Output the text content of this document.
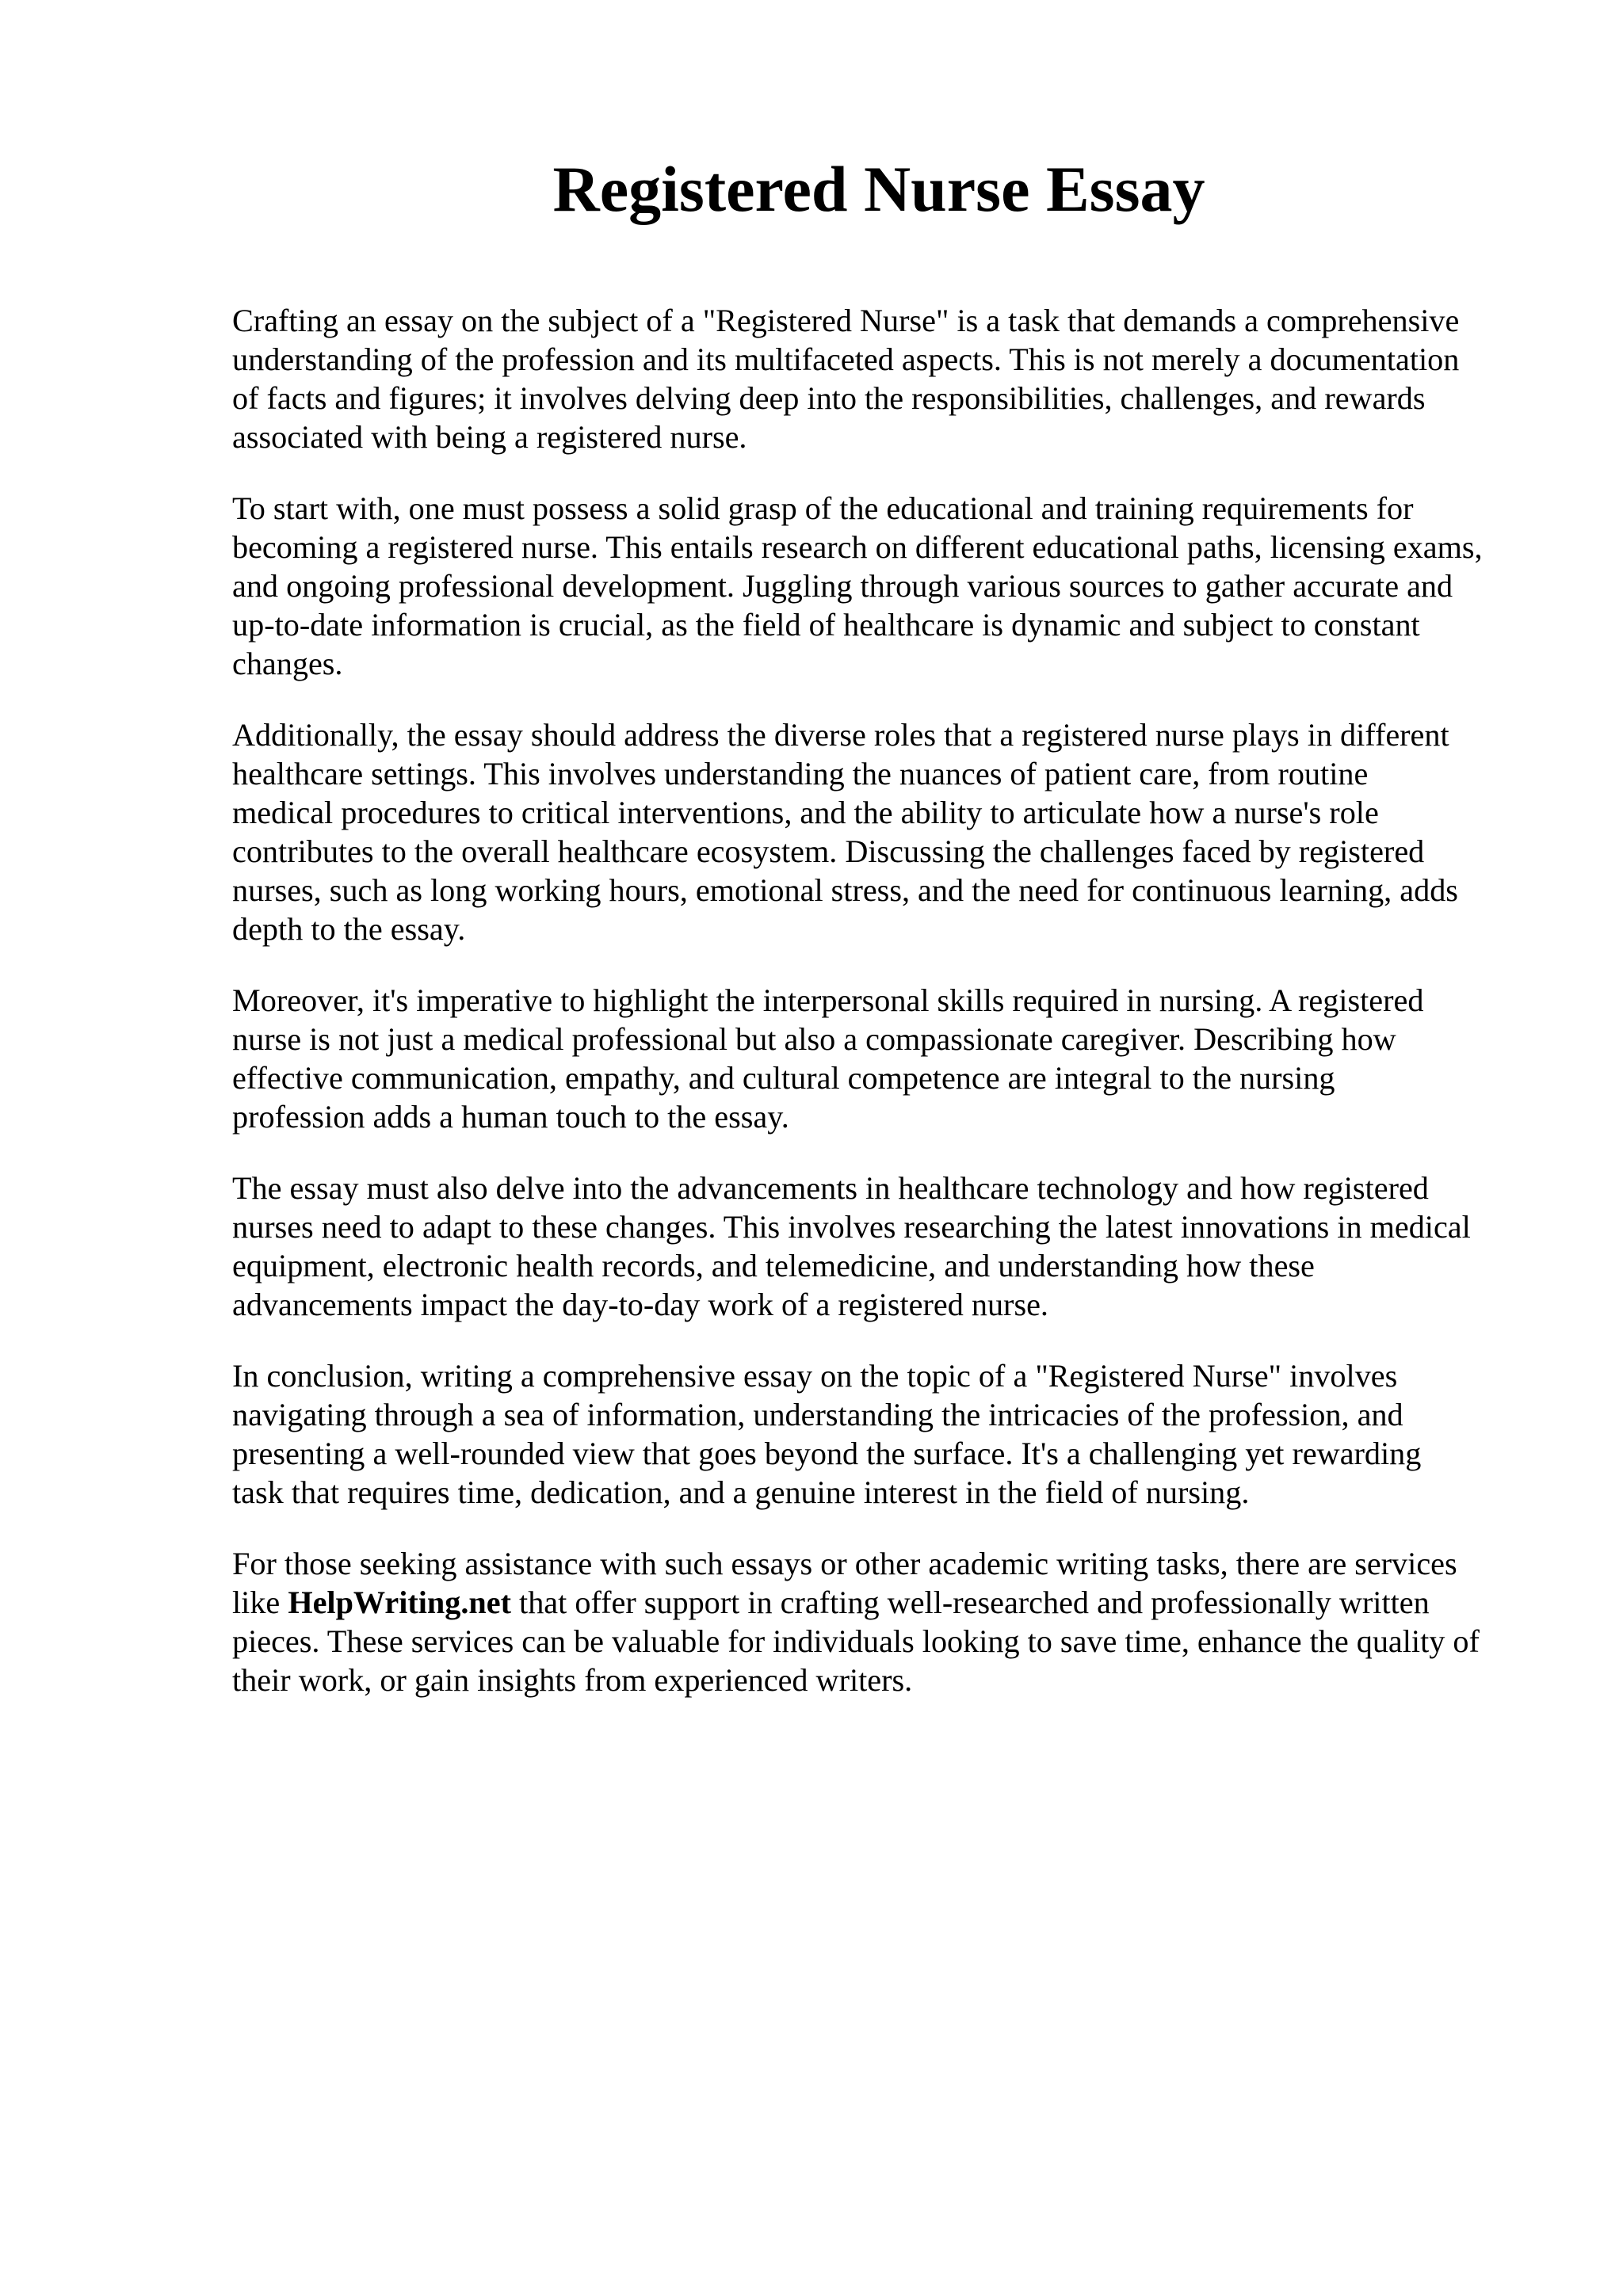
Registered Nurse Essay

Crafting an essay on the subject of a "Registered Nurse" is a task that demands a comprehensive
understanding of the profession and its multifaceted aspects. This is not merely a documentation
of facts and figures; it involves delving deep into the responsibilities, challenges, and rewards
associated with being a registered nurse.

To start with, one must possess a solid grasp of the educational and training requirements for
becoming a registered nurse. This entails research on different educational paths, licensing exams,
and ongoing professional development. Juggling through various sources to gather accurate and
up-to-date information is crucial, as the field of healthcare is dynamic and subject to constant
changes.

Additionally, the essay should address the diverse roles that a registered nurse plays in different
healthcare settings. This involves understanding the nuances of patient care, from routine
medical procedures to critical interventions, and the ability to articulate how a nurse's role
contributes to the overall healthcare ecosystem. Discussing the challenges faced by registered
nurses, such as long working hours, emotional stress, and the need for continuous learning, adds
depth to the essay.

Moreover, it's imperative to highlight the interpersonal skills required in nursing. A registered
nurse is not just a medical professional but also a compassionate caregiver. Describing how
effective communication, empathy, and cultural competence are integral to the nursing
profession adds a human touch to the essay.

The essay must also delve into the advancements in healthcare technology and how registered
nurses need to adapt to these changes. This involves researching the latest innovations in medical
equipment, electronic health records, and telemedicine, and understanding how these
advancements impact the day-to-day work of a registered nurse.

In conclusion, writing a comprehensive essay on the topic of a "Registered Nurse" involves
navigating through a sea of information, understanding the intricacies of the profession, and
presenting a well-rounded view that goes beyond the surface. It's a challenging yet rewarding
task that requires time, dedication, and a genuine interest in the field of nursing.

For those seeking assistance with such essays or other academic writing tasks, there are services
like HelpWriting.net that offer support in crafting well-researched and professionally written
pieces. These services can be valuable for individuals looking to save time, enhance the quality of
their work, or gain insights from experienced writers.
